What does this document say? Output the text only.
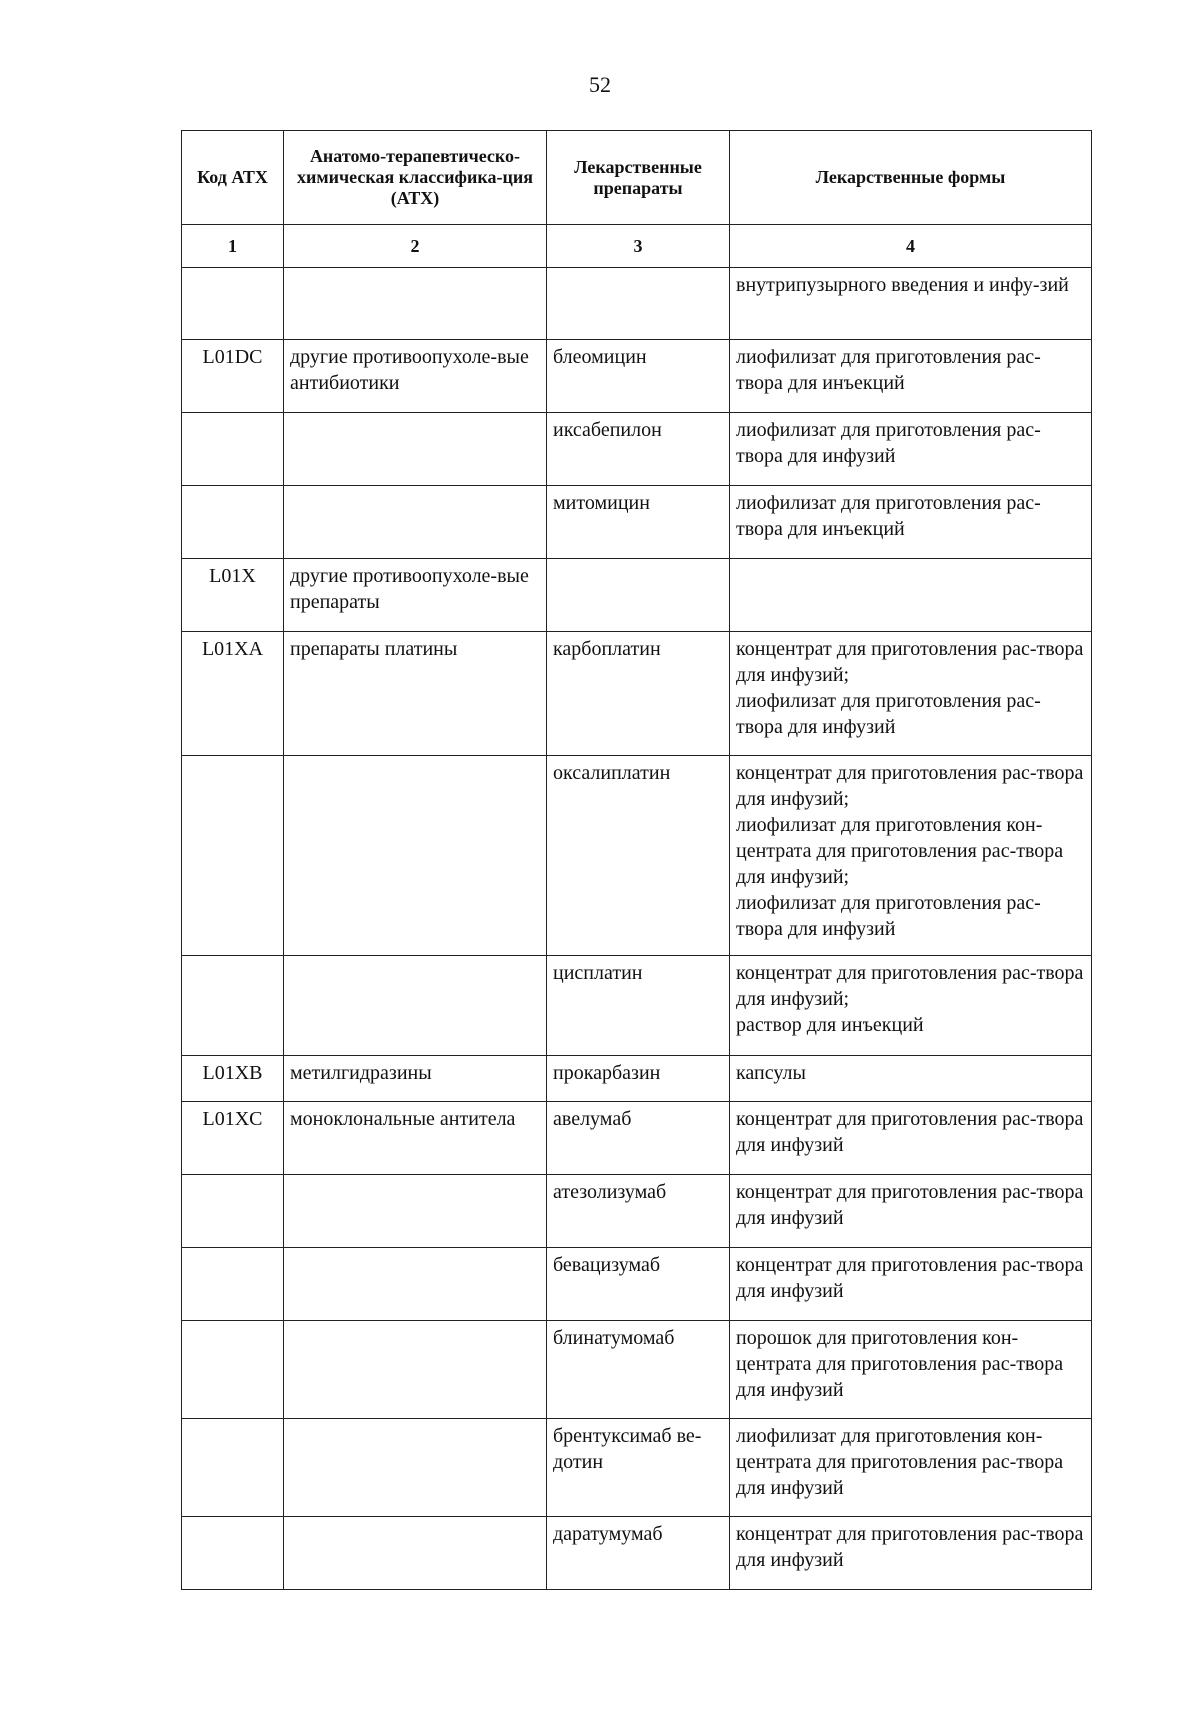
52
Код АТХ	Анатомо-терапевтическо-химическая классифика-ция (АТХ)	Лекарственные препараты	Лекарственные формы
1	2	3	4

			внутрипузырного введения и инфу-зий

L01DC	другие противоопухоле-вые антибиотики	блеомицин	лиофилизат для приготовления рас-твора для инъекций

		иксабепилон	лиофилизат для приготовления рас-твора для инфузий

		митомицин	лиофилизат для приготовления рас-твора для инъекций

L01X	другие противоопухоле-вые препараты		

L01XA	препараты платины	карбоплатин	концентрат для приготовления рас-твора для инфузий;
лиофилизат для приготовления рас-твора для инфузий

		оксалиплатин	концентрат для приготовления рас-твора для инфузий;
лиофилизат для приготовления кон-центрата для приготовления рас-твора для инфузий;
лиофилизат для приготовления рас-твора для инфузий

		цисплатин	концентрат для приготовления рас-твора для инфузий;
раствор для инъекций

L01XB	метилгидразины	прокарбазин	капсулы

L01XC	моноклональные антитела	авелумаб	концентрат для приготовления рас-твора для инфузий

		атезолизумаб	концентрат для приготовления рас-твора для инфузий

		бевацизумаб	концентрат для приготовления рас-твора для инфузий

		блинатумомаб	порошок для приготовления кон-центрата для приготовления рас-твора для инфузий

		брентуксимаб ве-дотин	лиофилизат для приготовления кон-центрата для приготовления рас-твора для инфузий

		даратумумаб	концентрат для приготовления рас-твора для инфузий
